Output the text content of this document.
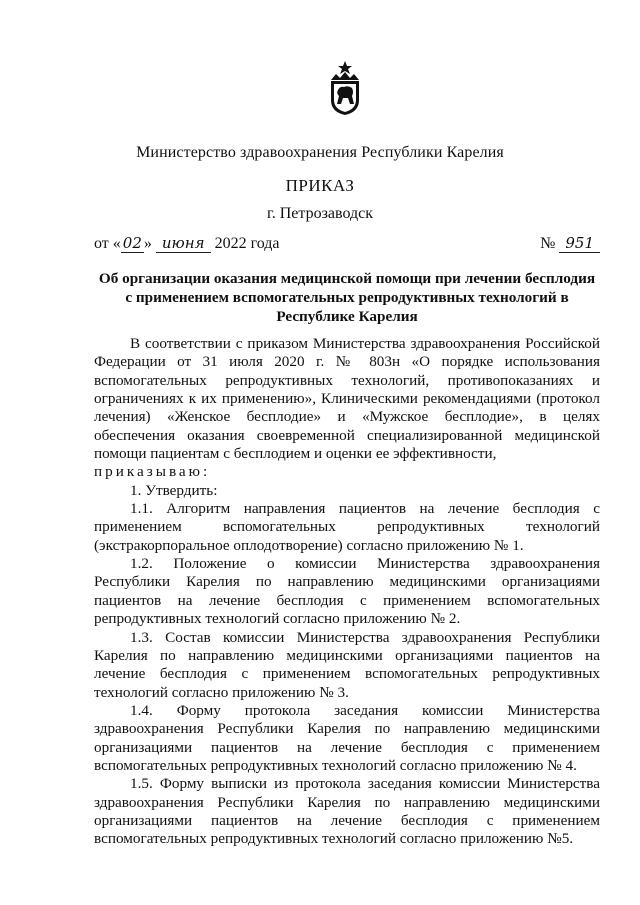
Министерство здравоохранения Республики Карелия
ПРИКАЗ
г. Петрозаводск
от « 02 » июня 2022 года	№ 951
Об организации оказания медицинской помощи при лечении бесплодия
с применением вспомогательных репродуктивных технологий в
Республике Карелия
В соответствии с приказом Министерства здравоохранения Российской
Федерации от 31 июля 2020 г. № 803н «О порядке использования
вспомогательных репродуктивных технологий, противопоказаниях и
ограничениях к их применению», Клиническими рекомендациями (протокол
лечения) «Женское бесплодие» и «Мужское бесплодие», в целях
обеспечения оказания своевременной специализированной медицинской
помощи пациентам с бесплодием и оценки ее эффективности,
приказываю:
1. Утвердить:
1.1. Алгоритм направления пациентов на лечение бесплодия с
применением вспомогательных репродуктивных технологий
(экстракорпоральное оплодотворение) согласно приложению № 1.
1.2. Положение о комиссии Министерства здравоохранения
Республики Карелия по направлению медицинскими организациями
пациентов на лечение бесплодия с применением вспомогательных
репродуктивных технологий согласно приложению № 2.
1.3. Состав комиссии Министерства здравоохранения Республики
Карелия по направлению медицинскими организациями пациентов на
лечение бесплодия с применением вспомогательных репродуктивных
технологий согласно приложению № 3.
1.4. Форму протокола заседания комиссии Министерства
здравоохранения Республики Карелия по направлению медицинскими
организациями пациентов на лечение бесплодия с применением
вспомогательных репродуктивных технологий согласно приложению № 4.
1.5. Форму выписки из протокола заседания комиссии Министерства
здравоохранения Республики Карелия по направлению медицинскими
организациями пациентов на лечение бесплодия с применением
вспомогательных репродуктивных технологий согласно приложению №5.
